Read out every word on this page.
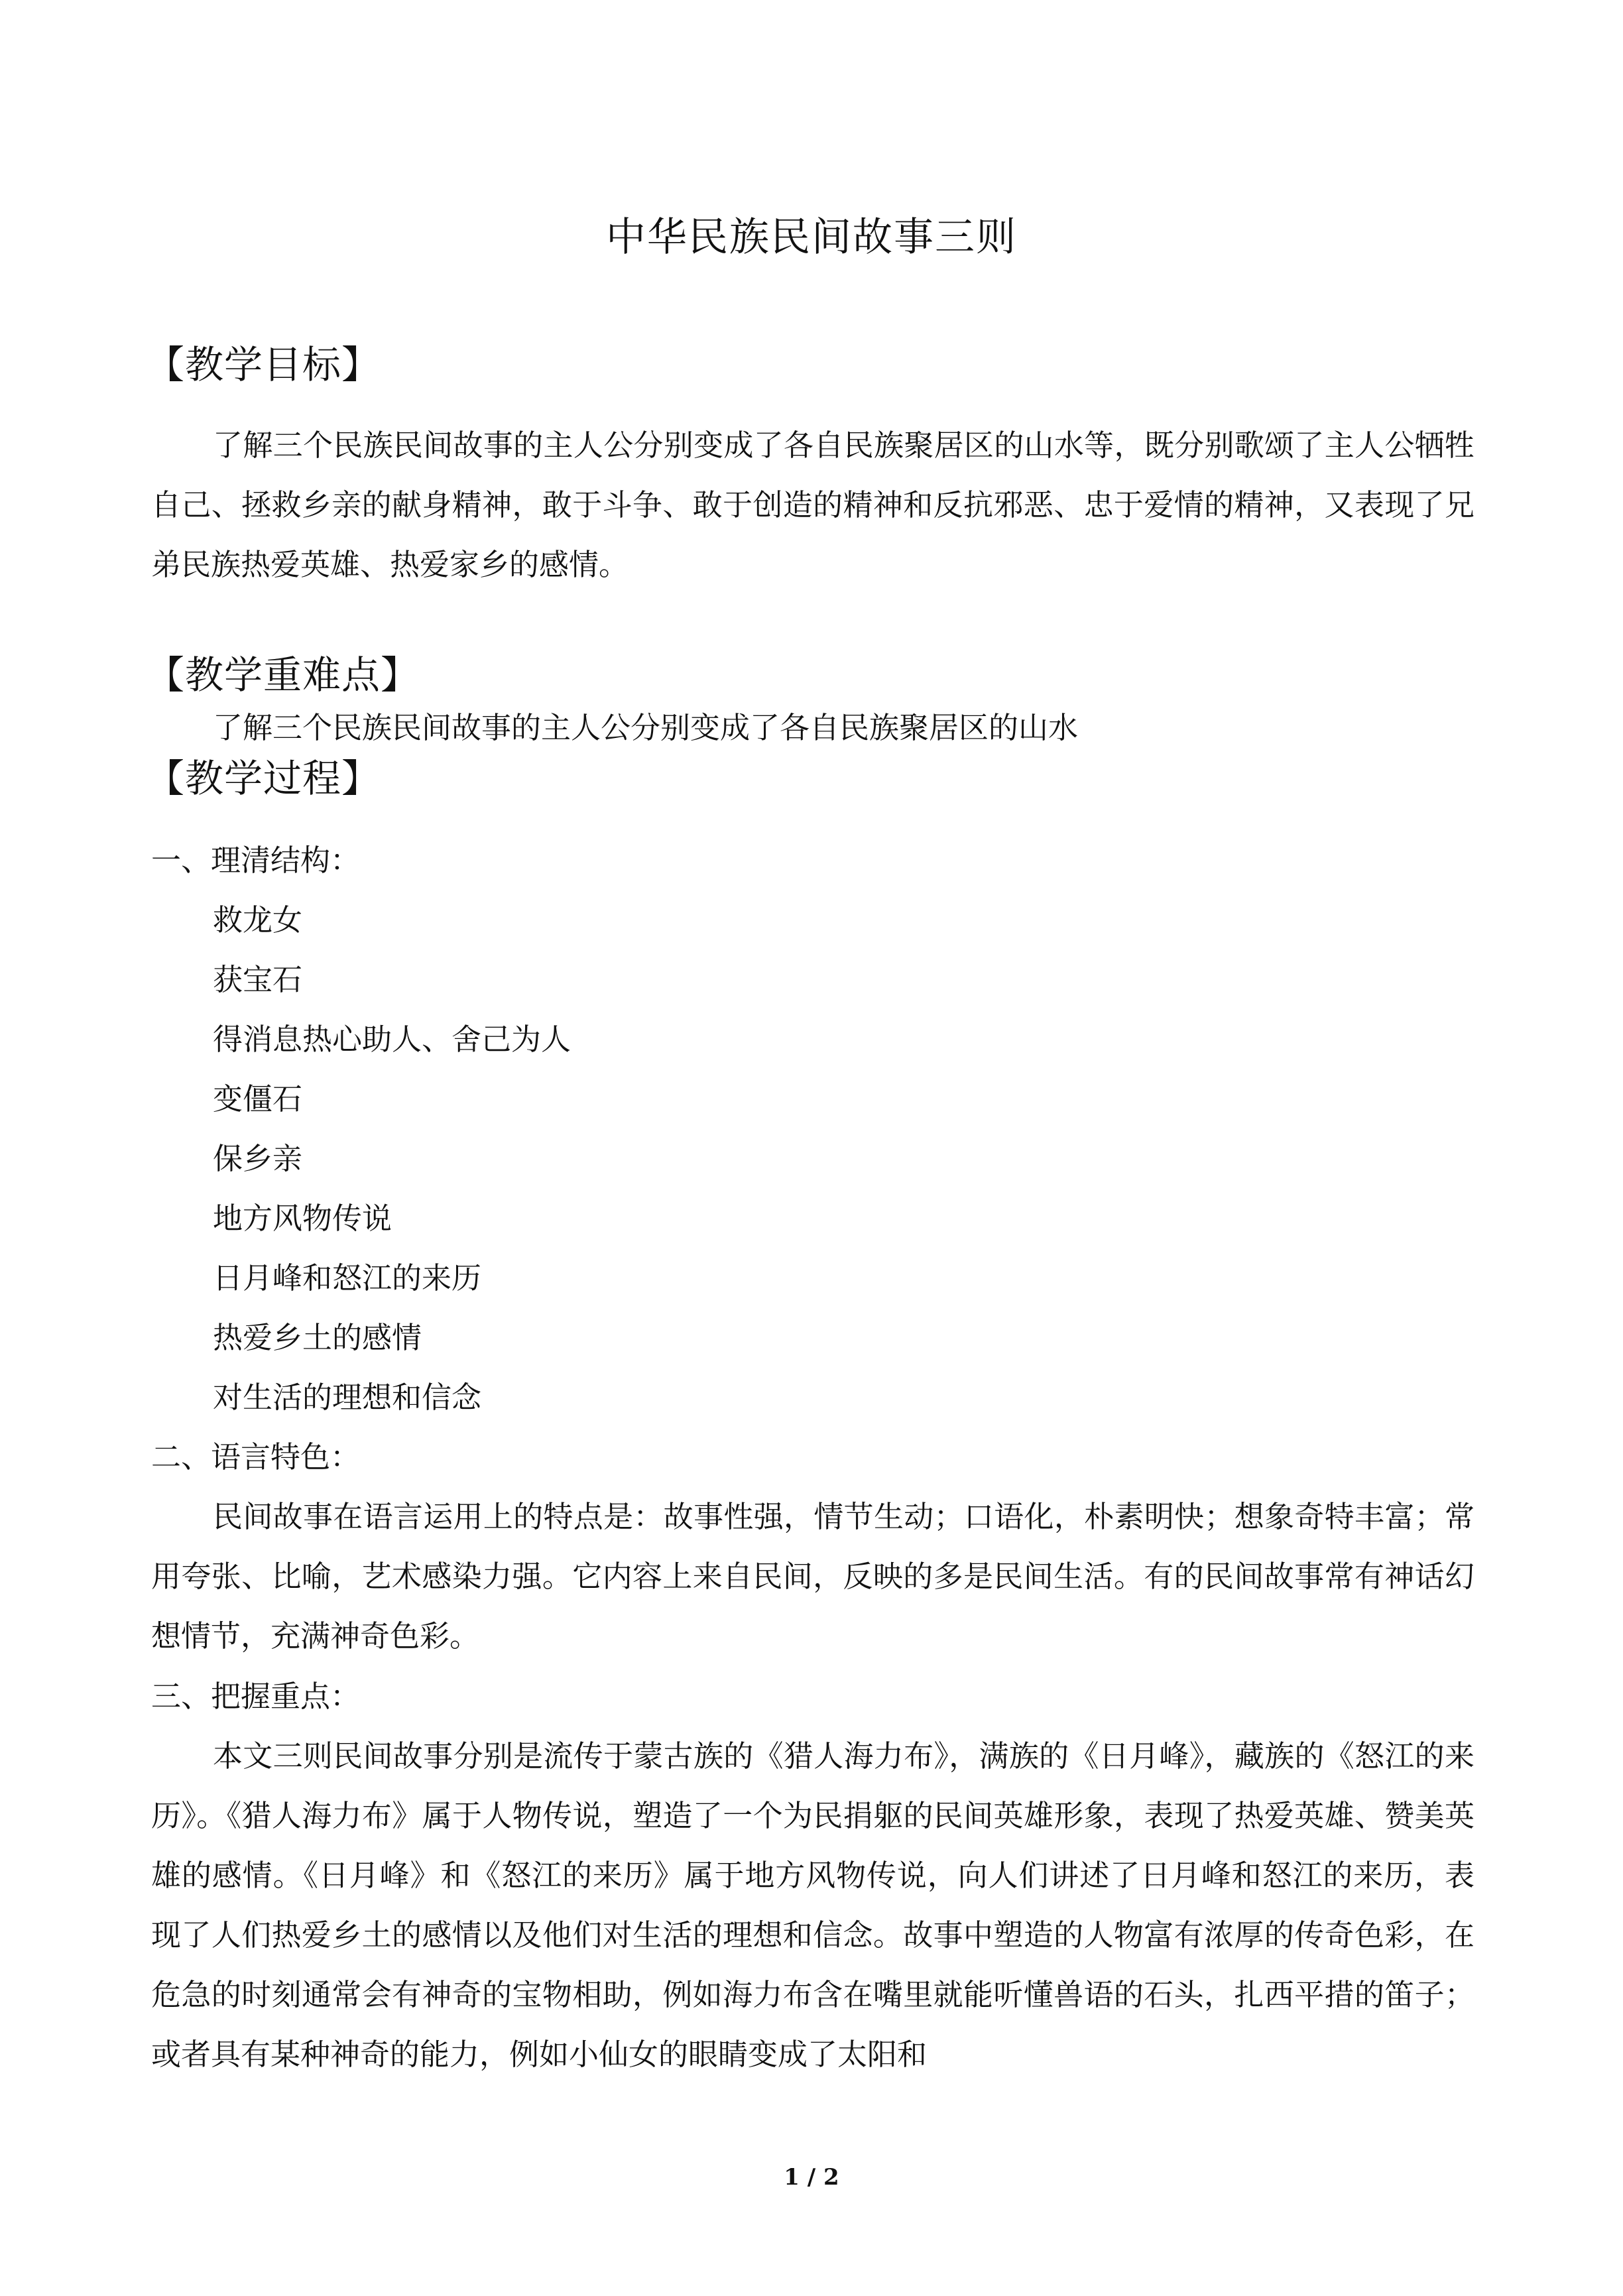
中华民族民间故事三则
【教学目标】
了解三个民族民间故事的主人公分别变成了各自民族聚居区的山水等，既分别歌颂了主人公牺牲自己、拯救乡亲的献身精神，敢于斗争、敢于创造的精神和反抗邪恶、忠于爱情的精神，又表现了兄弟民族热爱英雄、热爱家乡的感情。
【教学重难点】
了解三个民族民间故事的主人公分别变成了各自民族聚居区的山水
【教学过程】
一、理清结构：
救龙女
获宝石
得消息热心助人、舍己为人
变僵石
保乡亲
地方风物传说
日月峰和怒江的来历
热爱乡土的感情
对生活的理想和信念
二、语言特色：
民间故事在语言运用上的特点是：故事性强，情节生动；口语化，朴素明快；想象奇特丰富；常用夸张、比喻，艺术感染力强。它内容上来自民间，反映的多是民间生活。有的民间故事常有神话幻想情节，充满神奇色彩。
三、把握重点：
本文三则民间故事分别是流传于蒙古族的《猎人海力布》，满族的《日月峰》，藏族的《怒江的来历》。《猎人海力布》属于人物传说，塑造了一个为民捐躯的民间英雄形象，表现了热爱英雄、赞美英雄的感情。《日月峰》和《怒江的来历》属于地方风物传说，向人们讲述了日月峰和怒江的来历，表现了人们热爱乡土的感情以及他们对生活的理想和信念。故事中塑造的人物富有浓厚的传奇色彩，在危急的时刻通常会有神奇的宝物相助，例如海力布含在嘴里就能听懂兽语的石头，扎西平措的笛子；或者具有某种神奇的能力，例如小仙女的眼睛变成了太阳和
1 / 2
